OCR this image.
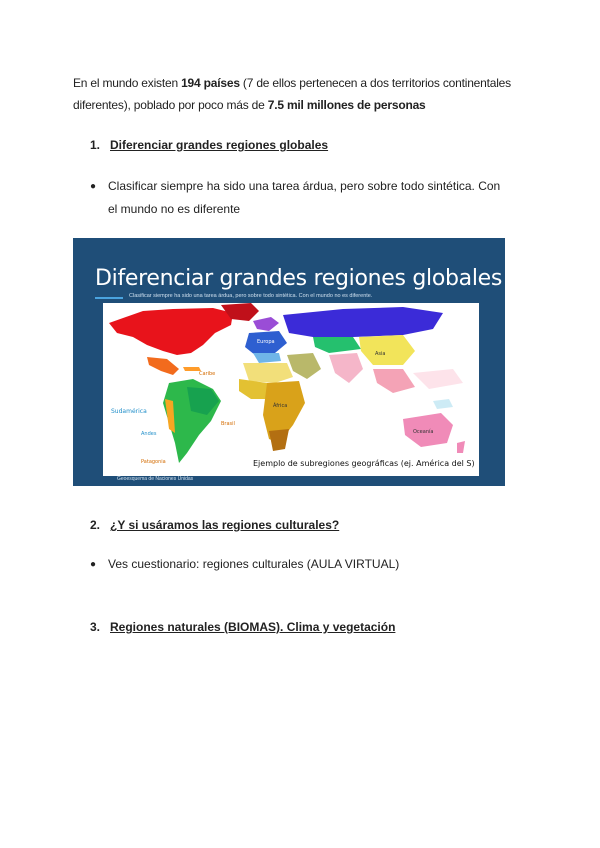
En el mundo existen 194 países (7 de ellos pertenecen a dos territorios continentales diferentes), poblado por poco más de 7.5 mil millones de personas
1. Diferenciar grandes regiones globales
● Clasificar siempre ha sido una tarea árdua, pero sobre todo sintética. Con el mundo no es diferente
Diferenciar grandes regiones globales
Clasificar siempre ha sido una tarea árdua, pero sobre todo sintética. Con el mundo no es diferente.
Caribe
Sudamérica
Andes
Patagonia
Brasil
Europa
África
Asia
Oceanía
Ejemplo de subregiones geográficas (ej. América del S)
Geoesquema de Naciones Unidas
2. ¿Y si usáramos las regiones culturales?
● Ves cuestionario: regiones culturales (AULA VIRTUAL)
3. Regiones naturales (BIOMAS). Clima y vegetación
